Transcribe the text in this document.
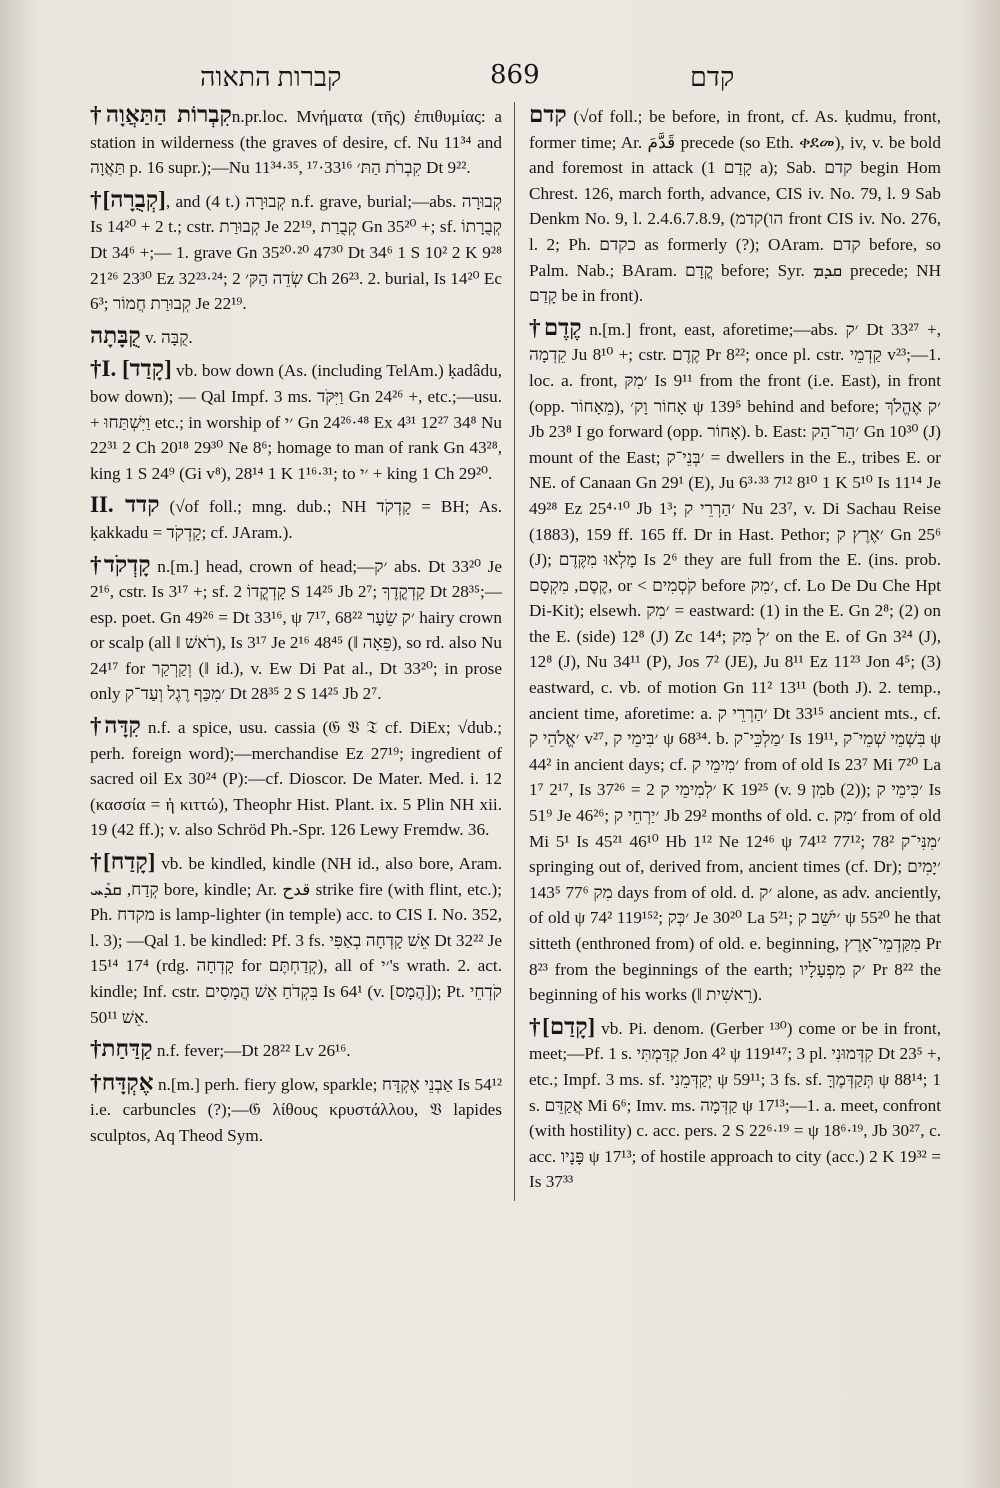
קברות התאוה	869	קדם

†קִבְרוֹת הַתַּאֲוָהn.pr.loc. Μνήματα (τῆς) ἐπιθυμίας: a station in wilderness (the graves of desire, cf. Nu 11³⁴ and תַּאֲוָה p. 16 supr.);—Nu 11³⁴·³⁵, קִבְרֹת הַתּ׳ 33¹⁶·¹⁷ Dt 9²².

†[קְבֻרָה], and (4 t.) קְבוּרָה n.f. grave, burial;—abs. קְבוּרָה Is 14²⁰ + 2 t.; cstr. קְבוּרַת Je 22¹⁹, קְבֻרַת Gn 35²⁰ +; sf. קְבֻרָתוֹ Dt 34⁶ +;— 1. grave Gn 35²⁰·²⁰ 47³⁰ Dt 34⁶ 1 S 10² 2 K 9²⁸ 21²⁶ 23³⁰ Ez 32²³·²⁴; שְׂדֵה הַקּ׳ 2 Ch 26²³. 2. burial, Is 14²⁰ Ec 6³; קְבוּרַת חֲמוֹר Je 22¹⁹.

קֻבָּתָה v. קֻבָּה.

†I. [קָדַד] vb. bow down (As. (including TelAm.) ḳadâdu, bow down); — Qal Impf. 3 ms. וַיִּקֹּד Gn 24²⁶ +, etc.;—usu. + וַיִּשְׁתַּחוּ etc.; in worship of ׳י Gn 24²⁶·⁴⁸ Ex 4³¹ 12²⁷ 34⁸ Nu 22³¹ 2 Ch 20¹⁸ 29³⁰ Ne 8⁶; homage to man of rank Gn 43²⁸, king 1 S 24⁹ (Gi v⁸), 28¹⁴ 1 K 1¹⁶·³¹; to ׳י + king 1 Ch 29²⁰.

II. קדד (√of foll.; mng. dub.; NH קָדְקֹד = BH; As. ḳakkadu = קָדְקֹד; cf. JAram.).

†קָדְקֹד n.[m.] head, crown of head;—׳ק abs. Dt 33²⁰ Je 2¹⁶, cstr. Is 3¹⁷ +; sf. קָדְקֳדוֹ 2 S 14²⁵ Jb 2⁷; קָדְקֳדֶךָ Dt 28³⁵;—esp. poet. Gn 49²⁶ = Dt 33¹⁶, ψ 7¹⁷, ׳ק שֵׂעָר 68²² hairy crown or scalp (all ‖ רֹאשׁ), Is 3¹⁷ Je 2¹⁶ 48⁴⁵ (‖ פֵּאָה), so rd. also Nu 24¹⁷ for וְקַרְקַר (‖ id.), v. Ew Di Pat al., Dt 33²⁰; in prose only ׳מִכַּף רֶגֶל וְעַד־ק Dt 28³⁵ 2 S 14²⁵ Jb 2⁷.

†קִדָּה n.f. a spice, usu. cassia (𝔊 𝔙 𝔗 cf. DiEx; √dub.; perh. foreign word);—merchandise Ez 27¹⁹; ingredient of sacred oil Ex 30²⁴ (P):—cf. Dioscor. De Mater. Med. i. 12 (κασσία = ἡ κιττώ), Theophr Hist. Plant. ix. 5 Plin NH xii. 19 (42 ff.); v. also Schröd Ph.-Spr. 126 Lewy Fremdw. 36.

†[קָדַח] vb. be kindled, kindle (NH id., also bore, Aram. קְדַח, ܩܕܰܚ bore, kindle; Ar. قدح strike fire (with flint, etc.); Ph. מקדח is lamp-lighter (in temple) acc. to CIS I. No. 352, l. 3); —Qal 1. be kindled: Pf. 3 fs. אֵשׁ קָדְחָה בְאַפִּי Dt 32²² Je 15¹⁴ 17⁴ (rdg. קָדְחָה for קְדַחְתֶּם), all of ׳י's wrath. 2. act. kindle; Inf. cstr. בִּקְדֹחַ אֵשׁ הֲמָסִים Is 64¹ (v. [הֲמָס]); Pt. קֹדְחֵי אֵשׁ 50¹¹.

†קַדַּחַת n.f. fever;—Dt 28²² Lv 26¹⁶.

†אֶקְדָּח n.[m.] perh. fiery glow, sparkle; אַבְנֵי אֶקְדָּח Is 54¹² i.e. carbuncles (?);—𝔊 λίθους κρυστάλλου, 𝔙 lapides sculptos, Aq Theod Sym.

קדם (√of foll.; be before, in front, cf. As. ḳudmu, front, former time; Ar. قَدَّمَ precede (so Eth. ቀደመ), iv, v. be bold and foremost in attack (קָדַם 1 a); Sab. קדם begin Hom Chrest. 126, march forth, advance, CIS iv. No. 79, l. 9 Sab Denkm No. 9, l. 2.4.6.7.8.9, (קדמ(הו front CIS iv. No. 276, l. 2; Ph. כקדם as formerly (?); OAram. קדם before, so Palm. Nab.; BAram. קֳדָם before; Syr. ܩܕܡ precede; NH קָדַם be in front).

†קֶדֶם n.[m.] front, east, aforetime;—abs. ׳ק Dt 33²⁷ +, קֵדְמָה Ju 8¹⁰ +; cstr. קֶדֶם Pr 8²²; once pl. cstr. קַדְמֵי v²³;—1. loc. a. front, ׳מִקּ Is 9¹¹ from the front (i.e. East), in front (opp. מֵאָחוֹר), אָחוֹר וָק׳ ψ 139⁵ behind and before; ׳ק אֶהֱלֹךְ Jb 23⁸ I go forward (opp. אָחוֹר). b. East: ׳הַר־הַק Gn 10³⁰ (J) mount of the East; ׳בְּנֵי־ק = dwellers in the E., tribes E. or NE. of Canaan Gn 29¹ (E), Ju 6³·³³ 7¹² 8¹⁰ 1 K 5¹⁰ Is 11¹⁴ Je 49²⁸ Ez 25⁴·¹⁰ Jb 1³; ׳הַרְרֵי ק Nu 23⁷, v. Di Sachau Reise (1883), 159 ff. 165 ff. Dr in Hast. Pethor; ׳אֶרֶץ ק Gn 25⁶ (J); מָלְאוּ מִקֶּדֶם Is 2⁶ they are full from the E. (ins. prob. קֶסֶם, מִקְסָם, or < קֹסְמִים before ׳מִק, cf. Lo De Du Che Hpt Di-Kit); elsewh. ׳מִק = eastward: (1) in the E. Gn 2⁸; (2) on the E. (side) 12⁸ (J) Zc 14⁴; ׳לְ מִק on the E. of Gn 3²⁴ (J), 12⁸ (J), Nu 34¹¹ (P), Jos 7² (JE), Ju 8¹¹ Ez 11²³ Jon 4⁵; (3) eastward, c. vb. of motion Gn 11² 13¹¹ (both J). 2. temp., ancient time, aforetime: a. ׳הַרְרֵי ק Dt 33¹⁵ ancient mts., cf. ׳אֱלֹהֵי ק v²⁷, ׳בִּימֵי ק ψ 68³⁴. b. ׳מַלְכֵּי־ק Is 19¹¹, בִּשְׁמֵי שְׁמֵי־ק ψ 44² in ancient days; cf. ׳מִימֵי ק from of old Is 23⁷ Mi 7²⁰ La 1⁷ 2¹⁷, Is 37²⁶ = ׳לְמִימֵי ק 2 K 19²⁵ (v. מִן 9b (2)); ׳כִּימֵי ק Is 51⁹ Je 46²⁶; ׳יַרְחֵי ק Jb 29² months of old. c. ׳מִק from of old Mi 5¹ Is 45²¹ 46¹⁰ Hb 1¹² Ne 12⁴⁶ ψ 74¹² 77¹²; ׳מִנִּי־ק 78² springing out of, derived from, ancient times (cf. Dr); ׳יָמִים מִק 77⁶ 143⁵ days from of old. d. ׳ק alone, as adv. anciently, of old ψ 74² 119¹⁵²; ׳כְּק Je 30²⁰ La 5²¹; ׳יֹשֵׁב ק ψ 55²⁰ he that sitteth (enthroned from) of old. e. beginning, מִקַּדְמֵי־אָרֶץ Pr 8²³ from the beginnings of the earth; ׳ק מִפְעָלָיו Pr 8²² the beginning of his works (‖ רֵאשִׁית).

†[קָדַם] vb. Pi. denom. (Gerber ¹³⁰) come or be in front, meet;—Pf. 1 s. קִדַּמְתִּי Jon 4² ψ 119¹⁴⁷; 3 pl. קִדְּמוּנִי Dt 23⁵ +, etc.; Impf. 3 ms. sf. יְקַדְּמֵנִי ψ 59¹¹; 3 fs. sf. תְּקַדְּמֶךָּ ψ 88¹⁴; 1 s. אֲקַדֵּם Mi 6⁶; Imv. ms. קַדְּמָה ψ 17¹³;—1. a. meet, confront (with hostility) c. acc. pers. 2 S 22⁶·¹⁹ = ψ 18⁶·¹⁹, Jb 30²⁷, c. acc. פָּנָיו ψ 17¹³; of hostile approach to city (acc.) 2 K 19³² = Is 37³³
